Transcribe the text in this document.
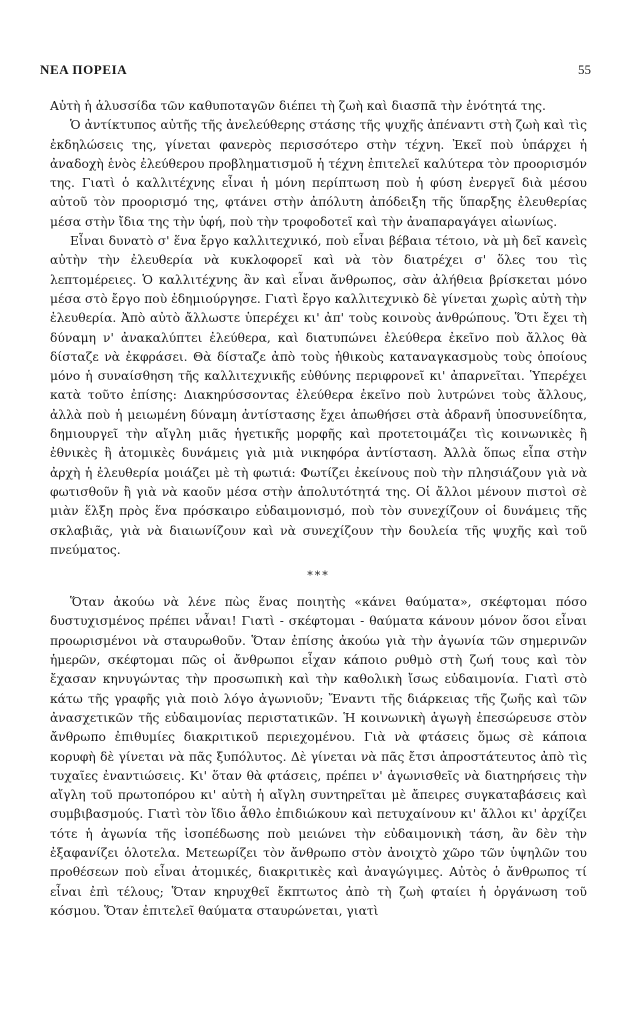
ΝΕΑ ΠΟΡΕΙΑ	55

Αὐτὴ ἡ ἁλυσσίδα τῶν καθυποταγῶν διέπει τὴ ζωὴ καὶ διασπᾶ τὴν ἑνότητά της.

Ὁ ἀντίκτυπος αὐτῆς τῆς ἀνελεύθερης στάσης τῆς ψυχῆς ἀπέναντι στὴ ζωὴ καὶ τὶς ἐκδηλώσεις της, γίνεται φανερὸς περισσότερο στὴν τέχνη. Ἐκεῖ ποὺ ὑπάρχει ἡ ἀναδοχὴ ἑνὸς ἐλεύθερου προβληματισμοῦ ἡ τέχνη ἐπιτελεῖ καλύτερα τὸν προορισμόν της. Γιατὶ ὁ καλλιτέχνης εἶναι ἡ μόνη περίπτωση ποὺ ἡ φύση ἐνεργεῖ διὰ μέσου αὐτοῦ τὸν προορισμό της, φτάνει στὴν ἀπόλυτη ἀπόδειξη τῆς ὕπαρξης ἐλευθερίας μέσα στὴν ἴδια της τὴν ὑφή, ποὺ τὴν τροφοδοτεῖ καὶ τὴν ἀναπαραγάγει αἰωνίως.

Εἶναι δυνατὸ σ' ἕνα ἔργο καλλιτεχνικό, ποὺ εἶναι βέβαια τέτοιο, νὰ μὴ δεῖ κανεὶς αὐτὴν τὴν ἐλευθερία νὰ κυκλοφορεῖ καὶ νὰ τὸν διατρέχει σ' ὅλες του τὶς λεπτομέρειες. Ὁ καλλιτέχνης ἂν καὶ εἶναι ἄνθρωπος, σὰν ἀλήθεια βρίσκεται μόνο μέσα στὸ ἔργο ποὺ ἐδημιούργησε. Γιατὶ ἔργο καλλιτεχνικὸ δὲ γίνεται χωρὶς αὐτὴ τὴν ἐλευθερία. Ἀπὸ αὐτὸ ἄλλωστε ὑπερέχει κι' ἀπ' τοὺς κοινοὺς ἀνθρώπους. Ὅτι ἔχει τὴ δύναμη ν' ἀνακαλύπτει ἐλεύθερα, καὶ διατυπώνει ἐλεύθερα ἐκεῖνο ποὺ ἄλλος θὰ δίσταζε νὰ ἐκφράσει. Θὰ δίσταζε ἀπὸ τοὺς ἠθικοὺς καταναγκασμοὺς τοὺς ὁποίους μόνο ἡ συναίσθηση τῆς καλλιτεχνικῆς εὐθύνης περιφρονεῖ κι' ἀπαρνεῖται. Ὑπερέχει κατὰ τοῦτο ἐπίσης: Διακηρύσσοντας ἐλεύθερα ἐκεῖνο ποὺ λυτρώνει τοὺς ἄλλους, ἀλλὰ ποὺ ἡ μειωμένη δύναμη ἀντίστασης ἔχει ἀπωθήσει στὰ ἀδρανῆ ὑποσυνείδητα, δημιουργεῖ τὴν αἴγλη μιᾶς ἡγετικῆς μορφῆς καὶ προτετοιμάζει τὶς κοινωνικὲς ἢ ἐθνικὲς ἢ ἀτομικὲς δυνάμεις γιὰ μιὰ νικηφόρα ἀντίσταση. Ἀλλὰ ὅπως εἶπα στὴν ἀρχὴ ἡ ἐλευθερία μοιάζει μὲ τὴ φωτιά: Φωτίζει ἐκείνους ποὺ τὴν πλησιάζουν γιὰ νὰ φωτισθοῦν ἢ γιὰ νὰ καοῦν μέσα στὴν ἀπολυτότητά της. Οἱ ἄλλοι μένουν πιστοὶ σὲ μιὰν ἕλξη πρὸς ἕνα πρόσκαιρο εὐδαιμονισμό, ποὺ τὸν συνεχίζουν οἱ δυνάμεις τῆς σκλαβιᾶς, γιὰ νὰ διαιωνίζουν καὶ νὰ συνεχίζουν τὴν δουλεία τῆς ψυχῆς καὶ τοῦ πνεύματος.

***

Ὅταν ἀκούω νὰ λένε πὼς ἕνας ποιητὴς «κάνει θαύματα», σκέφτομαι πόσο δυστυχισμένος πρέπει νἆναι! Γιατὶ - σκέφτομαι - θαύματα κάνουν μόνον ὅσοι εἶναι προωρισμένοι νὰ σταυρωθοῦν. Ὅταν ἐπίσης ἀκούω γιὰ τὴν ἀγωνία τῶν σημερινῶν ἡμερῶν, σκέφτομαι πῶς οἱ ἄνθρωποι εἶχαν κάποιο ρυθμὸ στὴ ζωή τους καὶ τὸν ἔχασαν κηνυγώντας τὴν προσωπικὴ καὶ τὴν καθολικὴ ἴσως εὐδαιμονία. Γιατὶ στὸ κάτω τῆς γραφῆς γιὰ ποιὸ λόγο ἀγωνιοῦν; Ἔναντι τῆς διάρκειας τῆς ζωῆς καὶ τῶν ἀνασχετικῶν τῆς εὐδαιμονίας περιστατικῶν. Ἡ κοινωνικὴ ἀγωγὴ ἐπεσώρευσε στὸν ἄνθρωπο ἐπιθυμίες διακριτικοῦ περιεχομένου. Γιὰ νὰ φτάσεις ὅμως σὲ κάποια κορυφὴ δὲ γίνεται νὰ πᾶς ξυπόλυτος. Δὲ γίνεται νὰ πᾶς ἔτσι ἀπροστάτευτος ἀπὸ τὶς τυχαῖες ἐναντιώσεις. Κι' ὅταν θὰ φτάσεις, πρέπει ν' ἀγωνισθεῖς νὰ διατηρήσεις τὴν αἴγλη τοῦ πρωτοπόρου κι' αὐτὴ ἡ αἴγλη συντηρεῖται μὲ ἄπειρες συγκαταβάσεις καὶ συμβιβασμούς. Γιατὶ τὸν ἴδιο ἆθλο ἐπιδιώκουν καὶ πετυχαίνουν κι' ἄλλοι κι' ἀρχίζει τότε ἡ ἀγωνία τῆς ἰσοπέδωσης ποὺ μειώνει τὴν εὐδαιμονικὴ τάση, ἂν δὲν τὴν ἐξαφανίζει ὁλοτελα. Μετεωρίζει τὸν ἄνθρωπο στὸν ἀνοιχτὸ χῶρο τῶν ὑψηλῶν του προθέσεων ποὺ εἶναι ἀτομικές, διακριτικὲς καὶ ἀναγώγιμες. Αὐτὸς ὁ ἄνθρωπος τί εἶναι ἐπὶ τέλους; Ὅταν κηρυχθεῖ ἔκπτωτος ἀπὸ τὴ ζωὴ φταίει ἡ ὀργάνωση τοῦ κόσμου. Ὅταν ἐπιτελεῖ θαύματα σταυρώνεται, γιατὶ
